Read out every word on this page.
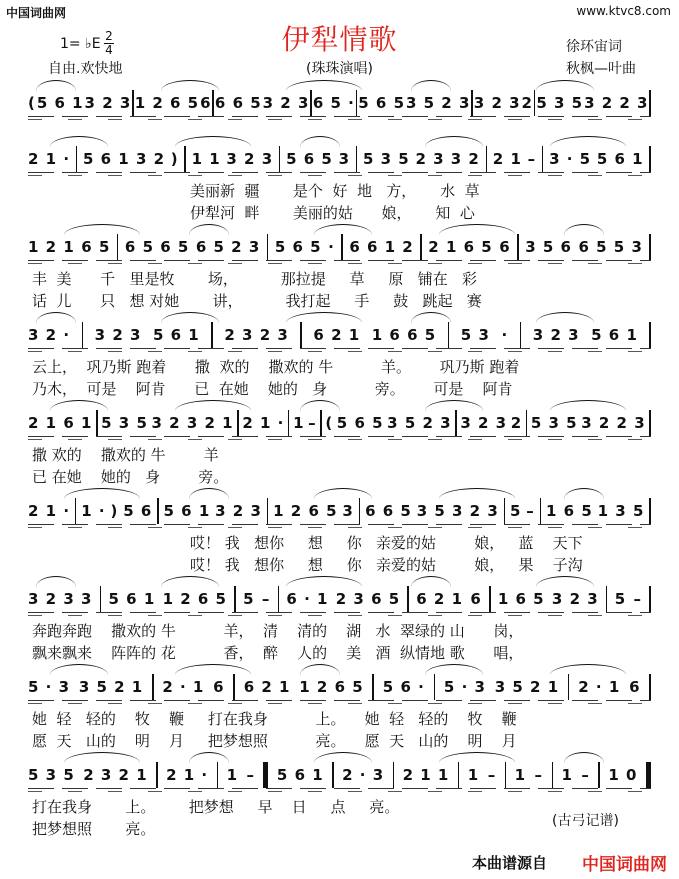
中国词曲网	www.ktvc8.com
伊犁情歌
1= ♭E 2
4	徐环宙词
自由.欢快地	(珠珠演唱)	秋枫—叶曲
( 5 6 1 3 2 3 1 2 6 5 6 6 6 5 3 2 3 6 5 · 5 6 5 3 5 2 3 3 2 3 2 5 3 5 3 2 2 3
2 1 · 5 6 1 3 2 ) 1 1 3 2 3 5 6 5 3 5 3 5 2 3 3 2 2 1 – 3 · 5 5 6 1
美丽新  疆       是个  好  地   方，     水  草
伊犁河  畔       美丽的姑      娘，     知  心
1 2 1 6 5 6 5 6 5 6 5 2 3 5 6 5 · 6 6 1 2 2 1 6 5 6 3 5 6 6 5 5 3
丰  美      千   里是牧       场，         那拉提     草     原   铺在   彩
话  儿      只   想 对她       讲，         我打起     手     鼓   跳起   赛
3 2 · 3 2 3 5 6 1 2 3 2 3 6 2 1 1 6 6 5 5 3 · 3 2 3 5 6 1
云上，  巩乃斯 跑着      撒  欢的    撒欢的 牛          羊。      巩乃斯 跑着
乃木，  可是    阿肯      已  在她    她的   身          旁。      可是    阿肯
2 1 6 1 5 3 5 3 2 3 2 1 2 1 · 1 – ( 5 6 5 3 5 2 3 3 2 3 2 5 3 5 3 2 2 3
撒 欢的    撒欢的 牛        羊
已 在她    她的   身        旁。
2 1 · 1 · ) 5 6 5 6 1 3 2 3 1 2 6 5 3 6 6 5 3 5 3 2 3 5 – 1 6 5 1 3 5
哎！ 我   想你     想     你   亲爱的姑        娘，   蓝    天下
哎！ 我   想你     想     你   亲爱的姑        娘，   果    子沟
3 2 3 3 5 6 1 1 2 6 5 5 – 6 · 1 2 3 6 5 6 2 1 6 1 6 5 3 2 3 5 –
奔跑奔跑    撒欢的 牛          羊，  清    清的    湖   水  翠绿的 山      岗，
飘来飘来    阵阵的 花          香，  醉    人的    美   酒  纵情地 歌      唱，
5 · 3 3 5 2 1 2 · 1 6 6 2 1 1 2 6 5 5 6 · 5 · 3 3 5 2 1 2 · 1 6
她  轻   轻的    牧    鞭     打在我身          上。    她  轻   轻的    牧    鞭
愿  天   山的    明    月     把梦想照          亮。    愿  天   山的    明    月
5 3 5 2 3 2 1 2 1 · 1 – 5 6 1 2 · 3 2 1 1 1 – 1 – 1 – 1 0
打在我身       上。       把梦想     早    日     点     亮。
把梦想照       亮。	(古弓记谱)
本曲谱源自 中国词曲网
